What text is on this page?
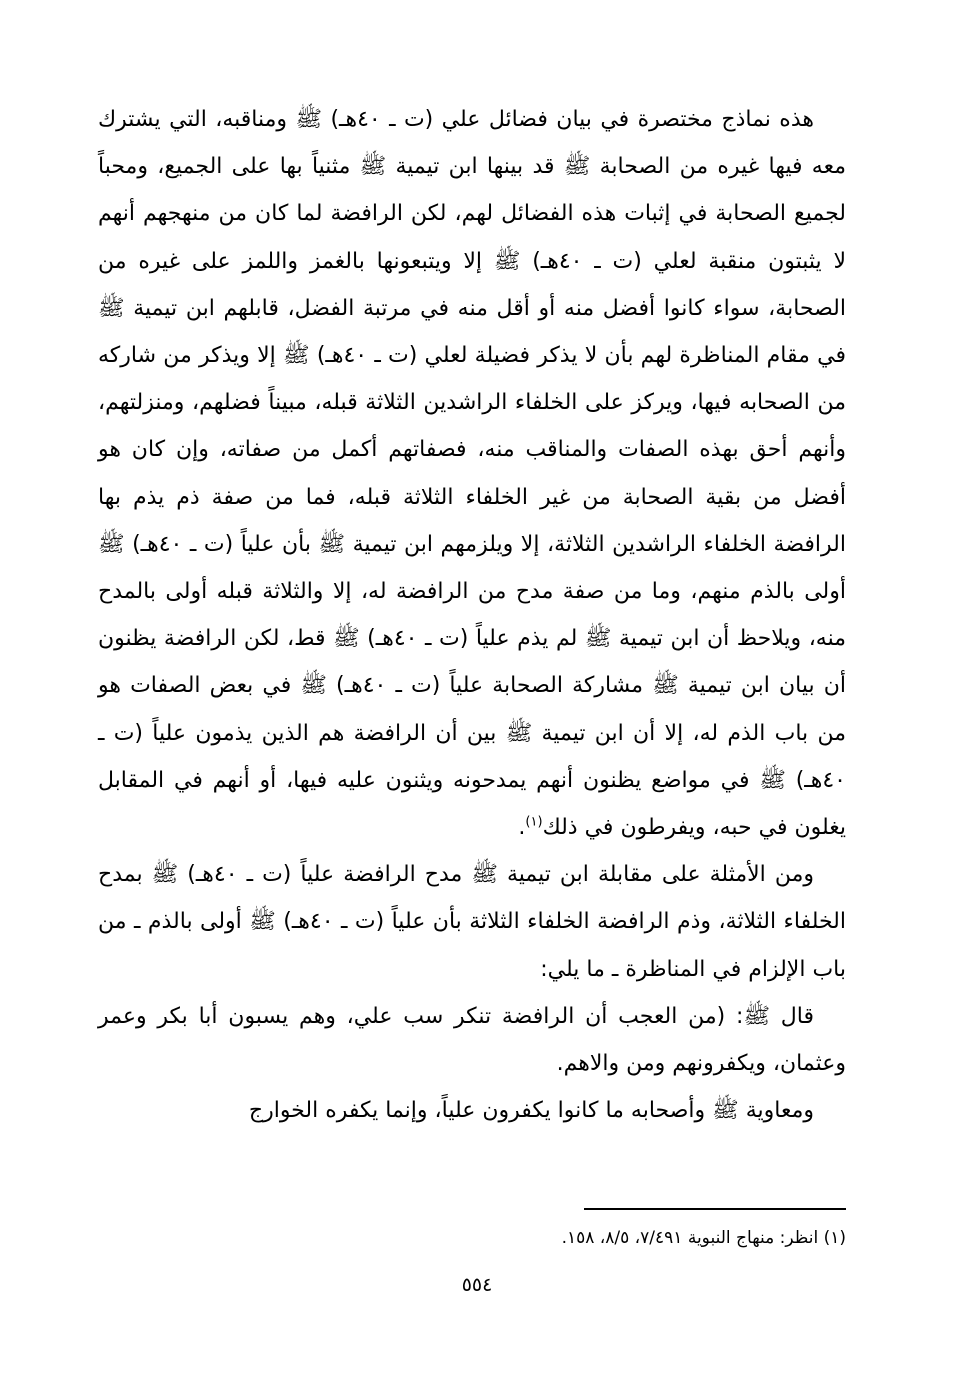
هذه نماذج مختصرة في بيان فضائل علي (ت ـ ٤٠هـ) ﷺ ومناقبه، التي يشترك معه فيها غيره من الصحابة ﷺ قد بينها ابن تيمية ﷺ مثنياً بها على الجميع، ومحباً لجميع الصحابة في إثبات هذه الفضائل لهم، لكن الرافضة لما كان من منهجهم أنهم لا يثبتون منقبة لعلي (ت ـ ٤٠هـ) ﷺ إلا ويتبعونها بالغمز واللمز على غيره من الصحابة، سواء كانوا أفضل منه أو أقل منه في مرتبة الفضل، قابلهم ابن تيمية ﷺ في مقام المناظرة لهم بأن لا يذكر فضيلة لعلي (ت ـ ٤٠هـ) ﷺ إلا ويذكر من شاركه من الصحابه فيها، ويركز على الخلفاء الراشدين الثلاثة قبله، مبيناً فضلهم، ومنزلتهم، وأنهم أحق بهذه الصفات والمناقب منه، فصفاتهم أكمل من صفاته، وإن كان هو أفضل من بقية الصحابة من غير الخلفاء الثلاثة قبله، فما من صفة ذم يذم بها الرافضة الخلفاء الراشدين الثلاثة، إلا ويلزمهم ابن تيمية ﷺ بأن علياً (ت ـ ٤٠هـ) ﷺ أولى بالذم منهم، وما من صفة مدح من الرافضة له، إلا والثلاثة قبله أولى بالمدح منه، ويلاحظ أن ابن تيمية ﷺ لم يذم علياً (ت ـ ٤٠هـ) ﷺ قط، لكن الرافضة يظنون أن بيان ابن تيمية ﷺ مشاركة الصحابة علياً (ت ـ ٤٠هـ) ﷺ في بعض الصفات هو من باب الذم له، إلا أن ابن تيمية ﷺ بين أن الرافضة هم الذين يذمون علياً (ت ـ ٤٠هـ) ﷺ في مواضع يظنون أنهم يمدحونه ويثنون عليه فيها، أو أنهم في المقابل يغلون في حبه، ويفرطون في ذلك$^{(١)}$.

ومن الأمثلة على مقابلة ابن تيمية ﷺ مدح الرافضة علياً (ت ـ ٤٠هـ) ﷺ بمدح الخلفاء الثلاثة، وذم الرافضة الخلفاء الثلاثة بأن علياً (ت ـ ٤٠هـ) ﷺ أولى بالذم ـ من باب الإلزام في المناظرة ـ ما يلي:

قال ﷺ: (من العجب أن الرافضة تنكر سب علي، وهم يسبون أبا بكر وعمر وعثمان، ويكفرونهم ومن والاهم.

ومعاوية ﷺ وأصحابه ما كانوا يكفرون علياً، وإنما يكفره الخوارج

(١) انظر: منهاج النبوية ٧/٤٩١، ٨/٥، ١٥٨.
٥٥٤
